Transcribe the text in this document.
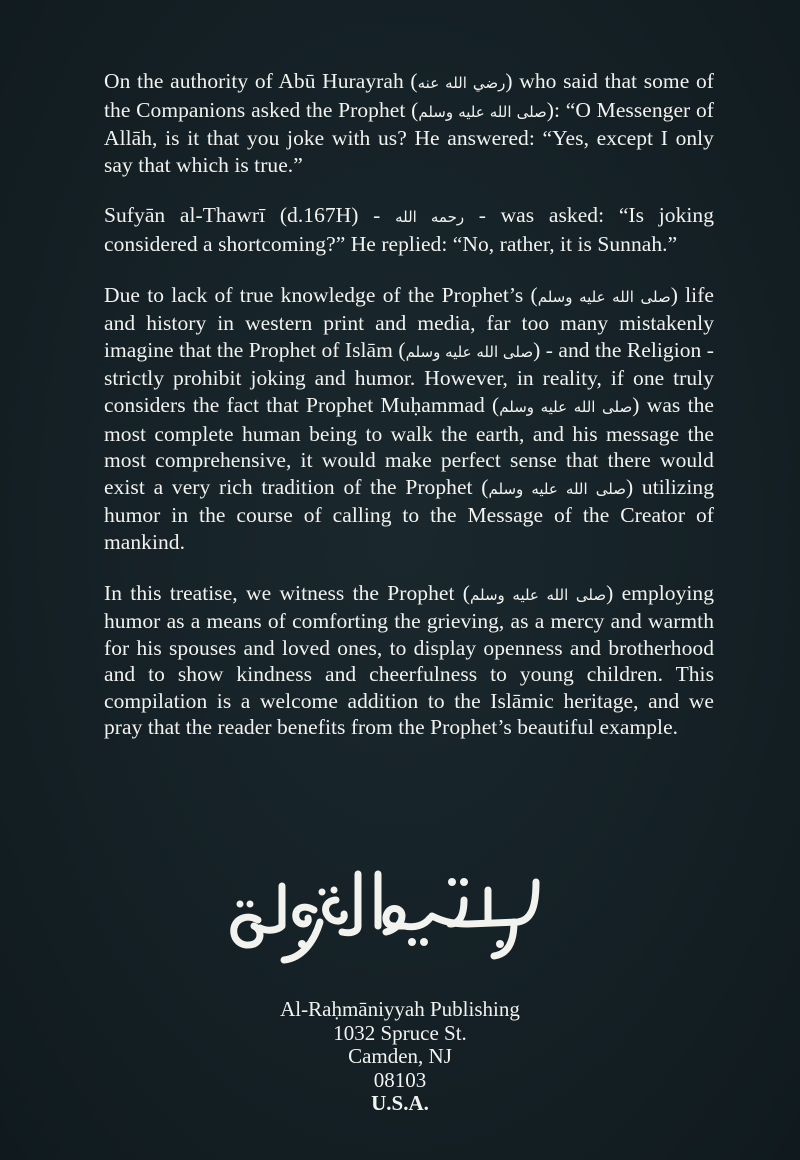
On the authority of Abū Hurayrah (رضي الله عنه) who said that some of the Companions asked the Prophet (صلى الله عليه وسلم): “O Messenger of Allāh, is it that you joke with us? He answered: “Yes, except I only say that which is true.”

Sufyān al-Thawrī (d.167H) - رحمه الله - was asked: “Is joking considered a shortcoming?” He replied: “No, rather, it is Sunnah.”

Due to lack of true knowledge of the Prophet’s (صلى الله عليه وسلم) life and history in western print and media, far too many mistakenly imagine that the Prophet of Islām (صلى الله عليه وسلم) - and the Religion - strictly prohibit joking and humor. However, in reality, if one truly considers the fact that Prophet Muḥammad (صلى الله عليه وسلم) was the most complete human being to walk the earth, and his message the most comprehensive, it would make perfect sense that there would exist a very rich tradition of the Prophet (صلى الله عليه وسلم) utilizing humor in the course of calling to the Message of the Creator of mankind.

In this treatise, we witness the Prophet (صلى الله عليه وسلم) employing humor as a means of comforting the grieving, as a mercy and warmth for his spouses and loved ones, to display openness and brotherhood and to show kindness and cheerfulness to young children. This compilation is a welcome addition to the Islāmic heritage, and we pray that the reader benefits from the Prophet’s beautiful example.

Al-Raḥmāniyyah Publishing
1032 Spruce St.
Camden, NJ
08103
U.S.A.
